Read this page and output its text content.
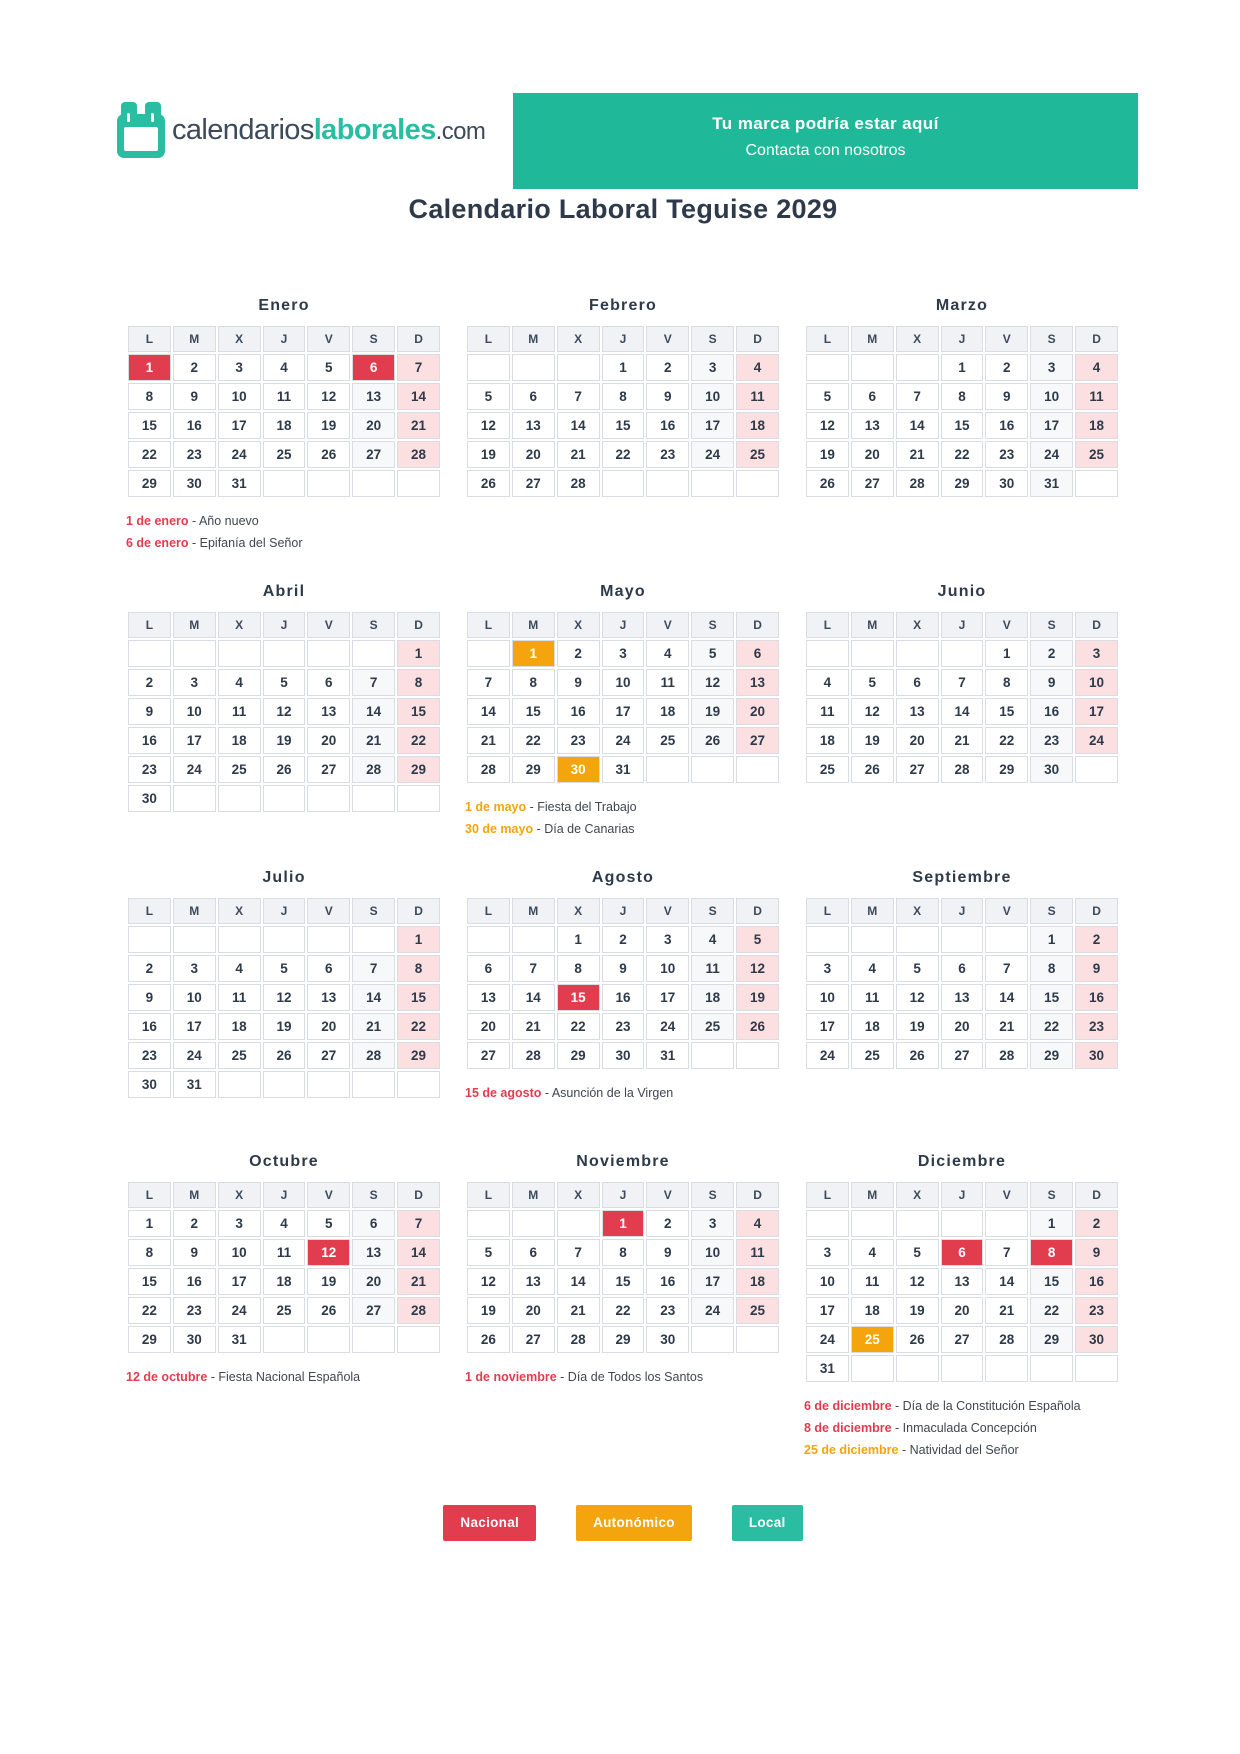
calendarioslaborales.com	Tu marca podría estar aquí
Contacta con nosotros
Calendario Laboral Teguise 2029
Enero
L	M	X	J	V	S	D
1	2	3	4	5	6	7
8	9	10	11	12	13	14
15	16	17	18	19	20	21
22	23	24	25	26	27	28
29	30	31				

1 de enero - Año nuevo

6 de enero - Epifanía del Señor

Febrero
L	M	X	J	V	S	D
			1	2	3	4
5	6	7	8	9	10	11
12	13	14	15	16	17	18
19	20	21	22	23	24	25
26	27	28				
Marzo
L	M	X	J	V	S	D
			1	2	3	4
5	6	7	8	9	10	11
12	13	14	15	16	17	18
19	20	21	22	23	24	25
26	27	28	29	30	31	
Abril
L	M	X	J	V	S	D
						1
2	3	4	5	6	7	8
9	10	11	12	13	14	15
16	17	18	19	20	21	22
23	24	25	26	27	28	29
30						
Mayo
L	M	X	J	V	S	D
	1	2	3	4	5	6
7	8	9	10	11	12	13
14	15	16	17	18	19	20
21	22	23	24	25	26	27
28	29	30	31			

1 de mayo - Fiesta del Trabajo

30 de mayo - Día de Canarias

Junio
L	M	X	J	V	S	D
				1	2	3
4	5	6	7	8	9	10
11	12	13	14	15	16	17
18	19	20	21	22	23	24
25	26	27	28	29	30	
Julio
L	M	X	J	V	S	D
						1
2	3	4	5	6	7	8
9	10	11	12	13	14	15
16	17	18	19	20	21	22
23	24	25	26	27	28	29
30	31					
Agosto
L	M	X	J	V	S	D
		1	2	3	4	5
6	7	8	9	10	11	12
13	14	15	16	17	18	19
20	21	22	23	24	25	26
27	28	29	30	31		

15 de agosto - Asunción de la Virgen

Septiembre
L	M	X	J	V	S	D
					1	2
3	4	5	6	7	8	9
10	11	12	13	14	15	16
17	18	19	20	21	22	23
24	25	26	27	28	29	30
Octubre
L	M	X	J	V	S	D
1	2	3	4	5	6	7
8	9	10	11	12	13	14
15	16	17	18	19	20	21
22	23	24	25	26	27	28
29	30	31				

12 de octubre - Fiesta Nacional Española

Noviembre
L	M	X	J	V	S	D
			1	2	3	4
5	6	7	8	9	10	11
12	13	14	15	16	17	18
19	20	21	22	23	24	25
26	27	28	29	30		

1 de noviembre - Día de Todos los Santos

Diciembre
L	M	X	J	V	S	D
					1	2
3	4	5	6	7	8	9
10	11	12	13	14	15	16
17	18	19	20	21	22	23
24	25	26	27	28	29	30
31						

6 de diciembre - Día de la Constitución Española

8 de diciembre - Inmaculada Concepción

25 de diciembre - Natividad del Señor

Nacional	Autonómico	Local
